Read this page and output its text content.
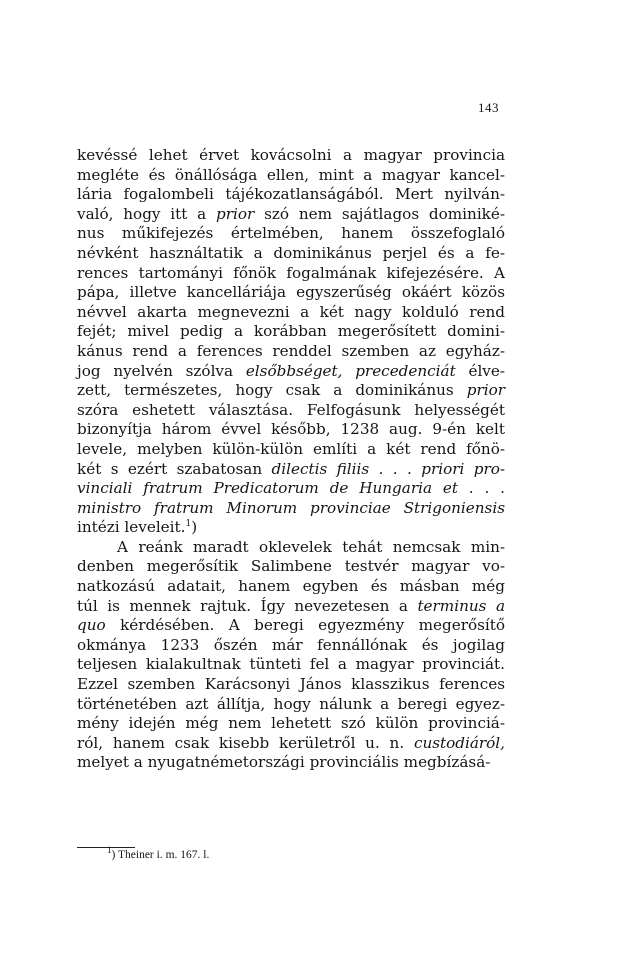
143
kevéssé lehet érvet kovácsolni a magyar provincia
megléte és önállósága ellen, mint a magyar kancel-
lária fogalombeli tájékozatlanságából. Mert nyilván-
való, hogy itt a prior szó nem sajátlagos dominiké-
nus műkifejezés értelmében, hanem összefoglaló
névként használtatik a dominikánus perjel és a fe-
rences tartományi főnök fogalmának kifejezésére. A
pápa, illetve kancelláriája egyszerűség okáért közös
névvel akarta megnevezni a két nagy kolduló rend
fejét; mivel pedig a korábban megerősített domini-
kánus rend a ferences renddel szemben az egyház-
jog nyelvén szólva elsőbbséget, precedenciát élve-
zett, természetes, hogy csak a dominikánus prior
szóra eshetett választása. Felfogásunk helyességét
bizonyítja három évvel később, 1238 aug. 9-én kelt
levele, melyben külön-külön említi a két rend főnö-
két s ezért szabatosan dilectis filiis . . . priori pro-
vinciali fratrum Predicatorum de Hungaria et . . .
ministro fratrum Minorum provinciae Strigoniensis
intézi leveleit.$^1$)
A reánk maradt oklevelek tehát nemcsak min-
denben megerősítik Salimbene testvér magyar vo-
natkozású adatait, hanem egyben és másban még
túl is mennek rajtuk. Így nevezetesen a terminus a
quo kérdésében. A beregi egyezmény megerősítő
okmánya 1233 őszén már fennállónak és jogilag
teljesen kialakultnak tünteti fel a magyar provinciát.
Ezzel szemben Karácsonyi János klasszikus ferences
történetében azt állítja, hogy nálunk a beregi egyez-
mény idején még nem lehetett szó külön provinciá-
ról, hanem csak kisebb kerületről u. n. custodiáról,
melyet a nyugatnémetországi provinciális megbízásá-
$^1$) Theiner i. m. 167. l.
